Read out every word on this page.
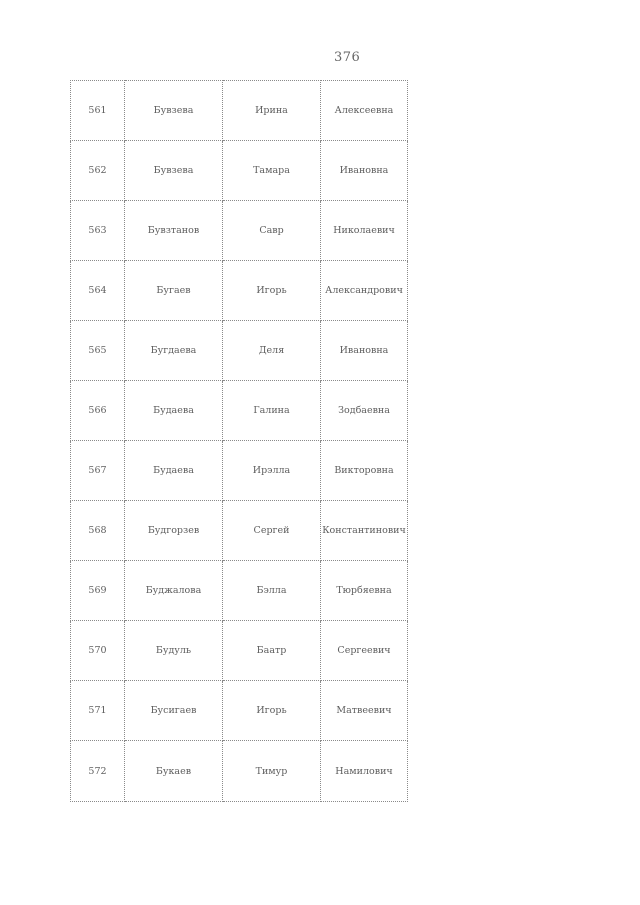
376
561	Бувзева	Ирина	Алексеевна
562	Бувзева	Тамара	Ивановна
563	Бувзтанов	Савр	Николаевич
564	Бугаев	Игорь	Александрович
565	Бугдаева	Деля	Ивановна
566	Будаева	Галина	Зодбаевна
567	Будаева	Ирэлла	Викторовна
568	Будгорзев	Сергей	Константинович
569	Буджалова	Бэлла	Тюрбяевна
570	Будуль	Баатр	Сергеевич
571	Бусигаев	Игорь	Матвеевич
572	Букаев	Тимур	Намилович
